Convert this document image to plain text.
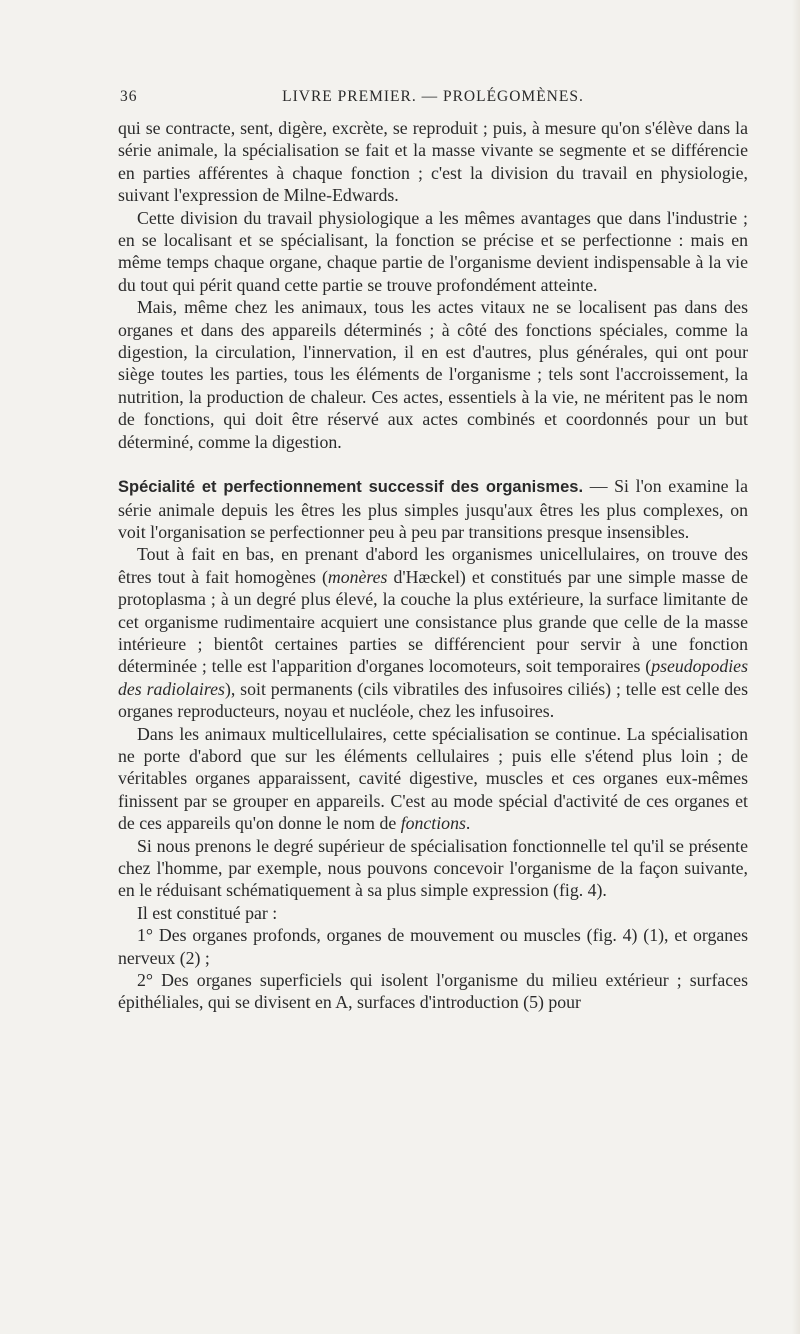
36	LIVRE PREMIER. — PROLÉGOMÈNES.

qui se contracte, sent, digère, excrète, se reproduit ; puis, à mesure qu'on s'élève dans la série animale, la spécialisation se fait et la masse vivante se segmente et se différencie en parties afférentes à chaque fonction ; c'est la division du travail en physiologie, suivant l'expression de Milne-Edwards.

Cette division du travail physiologique a les mêmes avantages que dans l'industrie ; en se localisant et se spécialisant, la fonction se précise et se perfectionne : mais en même temps chaque organe, chaque partie de l'organisme devient indispensable à la vie du tout qui périt quand cette partie se trouve profondément atteinte.

Mais, même chez les animaux, tous les actes vitaux ne se localisent pas dans des organes et dans des appareils déterminés ; à côté des fonctions spéciales, comme la digestion, la circulation, l'innervation, il en est d'autres, plus générales, qui ont pour siège toutes les parties, tous les éléments de l'organisme ; tels sont l'accroissement, la nutrition, la production de chaleur. Ces actes, essentiels à la vie, ne méritent pas le nom de fonctions, qui doit être réservé aux actes combinés et coordonnés pour un but déterminé, comme la digestion.

Spécialité et perfectionnement successif des organismes. — Si l'on examine la série animale depuis les êtres les plus simples jusqu'aux êtres les plus complexes, on voit l'organisation se perfectionner peu à peu par transitions presque insensibles.

Tout à fait en bas, en prenant d'abord les organismes unicellulaires, on trouve des êtres tout à fait homogènes (monères d'Hæckel) et constitués par une simple masse de protoplasma ; à un degré plus élevé, la couche la plus extérieure, la surface limitante de cet organisme rudimentaire acquiert une consistance plus grande que celle de la masse intérieure ; bientôt certaines parties se différencient pour servir à une fonction déterminée ; telle est l'apparition d'organes locomoteurs, soit temporaires (pseudopodies des radiolaires), soit permanents (cils vibratiles des infusoires ciliés) ; telle est celle des organes reproducteurs, noyau et nucléole, chez les infusoires.

Dans les animaux multicellulaires, cette spécialisation se continue. La spécialisation ne porte d'abord que sur les éléments cellulaires ; puis elle s'étend plus loin ; de véritables organes apparaissent, cavité digestive, muscles et ces organes eux-mêmes finissent par se grouper en appareils. C'est au mode spécial d'activité de ces organes et de ces appareils qu'on donne le nom de fonctions.

Si nous prenons le degré supérieur de spécialisation fonctionnelle tel qu'il se présente chez l'homme, par exemple, nous pouvons concevoir l'organisme de la façon suivante, en le réduisant schématiquement à sa plus simple expression (fig. 4).

Il est constitué par :

1° Des organes profonds, organes de mouvement ou muscles (fig. 4) (1), et organes nerveux (2) ;

2° Des organes superficiels qui isolent l'organisme du milieu extérieur ; surfaces épithéliales, qui se divisent en A, surfaces d'introduction (5) pour
